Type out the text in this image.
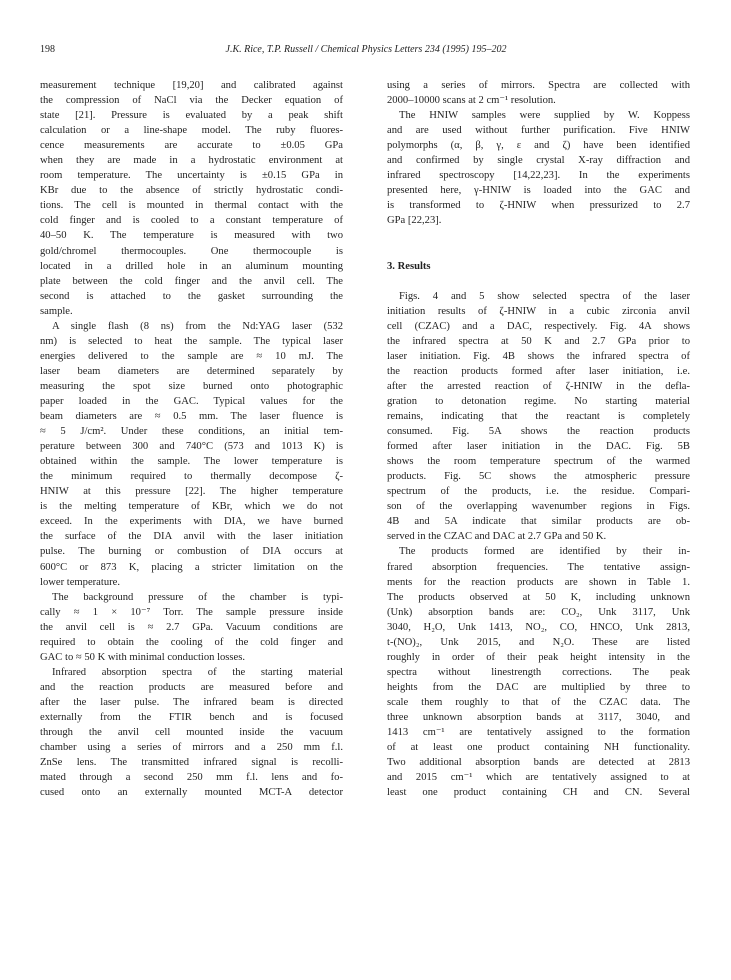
198	J.K. Rice, T.P. Russell / Chemical Physics Letters 234 (1995) 195–202
measurement technique [19,20] and calibrated against
the compression of NaCl via the Decker equation of
state [21]. Pressure is evaluated by a peak shift
calculation or a line-shape model. The ruby fluores-
cence measurements are accurate to ±0.05 GPa
when they are made in a hydrostatic environment at
room temperature. The uncertainty is ±0.15 GPa in
KBr due to the absence of strictly hydrostatic condi-
tions. The cell is mounted in thermal contact with the
cold finger and is cooled to a constant temperature of
40–50 K. The temperature is measured with two
gold/chromel thermocouples. One thermocouple is
located in a drilled hole in an aluminum mounting
plate between the cold finger and the anvil cell. The
second is attached to the gasket surrounding the
sample.
A single flash (8 ns) from the Nd:YAG laser (532
nm) is selected to heat the sample. The typical laser
energies delivered to the sample are ≈ 10 mJ. The
laser beam diameters are determined separately by
measuring the spot size burned onto photographic
paper loaded in the GAC. Typical values for the
beam diameters are ≈ 0.5 mm. The laser fluence is
≈ 5 J/cm². Under these conditions, an initial tem-
perature between 300 and 740°C (573 and 1013 K) is
obtained within the sample. The lower temperature is
the minimum required to thermally decompose ζ-
HNIW at this pressure [22]. The higher temperature
is the melting temperature of KBr, which we do not
exceed. In the experiments with DIA, we have burned
the surface of the DIA anvil with the laser initiation
pulse. The burning or combustion of DIA occurs at
600°C or 873 K, placing a stricter limitation on the
lower temperature.
The background pressure of the chamber is typi-
cally ≈ 1 × 10⁻⁷ Torr. The sample pressure inside
the anvil cell is ≈ 2.7 GPa. Vacuum conditions are
required to obtain the cooling of the cold finger and
GAC to ≈ 50 K with minimal conduction losses.
Infrared absorption spectra of the starting material
and the reaction products are measured before and
after the laser pulse. The infrared beam is directed
externally from the FTIR bench and is focused
through the anvil cell mounted inside the vacuum
chamber using a series of mirrors and a 250 mm f.l.
ZnSe lens. The transmitted infrared signal is recolli-
mated through a second 250 mm f.l. lens and fo-
cused onto an externally mounted MCT-A detector
using a series of mirrors. Spectra are collected with
2000–10000 scans at 2 cm⁻¹ resolution.
The HNIW samples were supplied by W. Koppess
and are used without further purification. Five HNIW
polymorphs (α, β, γ, ε and ζ) have been identified
and confirmed by single crystal X-ray diffraction and
infrared spectroscopy [14,22,23]. In the experiments
presented here, γ-HNIW is loaded into the GAC and
is transformed to ζ-HNIW when pressurized to 2.7
GPa [22,23].
3. Results
Figs. 4 and 5 show selected spectra of the laser
initiation results of ζ-HNIW in a cubic zirconia anvil
cell (CZAC) and a DAC, respectively. Fig. 4A shows
the infrared spectra at 50 K and 2.7 GPa prior to
laser initiation. Fig. 4B shows the infrared spectra of
the reaction products formed after laser initiation, i.e.
after the arrested reaction of ζ-HNIW in the defla-
gration to detonation regime. No starting material
remains, indicating that the reactant is completely
consumed. Fig. 5A shows the reaction products
formed after laser initiation in the DAC. Fig. 5B
shows the room temperature spectrum of the warmed
products. Fig. 5C shows the atmospheric pressure
spectrum of the products, i.e. the residue. Compari-
son of the overlapping wavenumber regions in Figs.
4B and 5A indicate that similar products are ob-
served in the CZAC and DAC at 2.7 GPa and 50 K.
The products formed are identified by their in-
frared absorption frequencies. The tentative assign-
ments for the reaction products are shown in Table 1.
The products observed at 50 K, including unknown
(Unk) absorption bands are: CO₂, Unk 3117, Unk
3040, H₂O, Unk 1413, NO₂, CO, HNCO, Unk 2813,
t-(NO)₂, Unk 2015, and N₂O. These are listed
roughly in order of their peak height intensity in the
spectra without linestrength corrections. The peak
heights from the DAC are multiplied by three to
scale them roughly to that of the CZAC data. The
three unknown absorption bands at 3117, 3040, and
1413 cm⁻¹ are tentatively assigned to the formation
of at least one product containing NH functionality.
Two additional absorption bands are detected at 2813
and 2015 cm⁻¹ which are tentatively assigned to at
least one product containing CH and CN. Several
